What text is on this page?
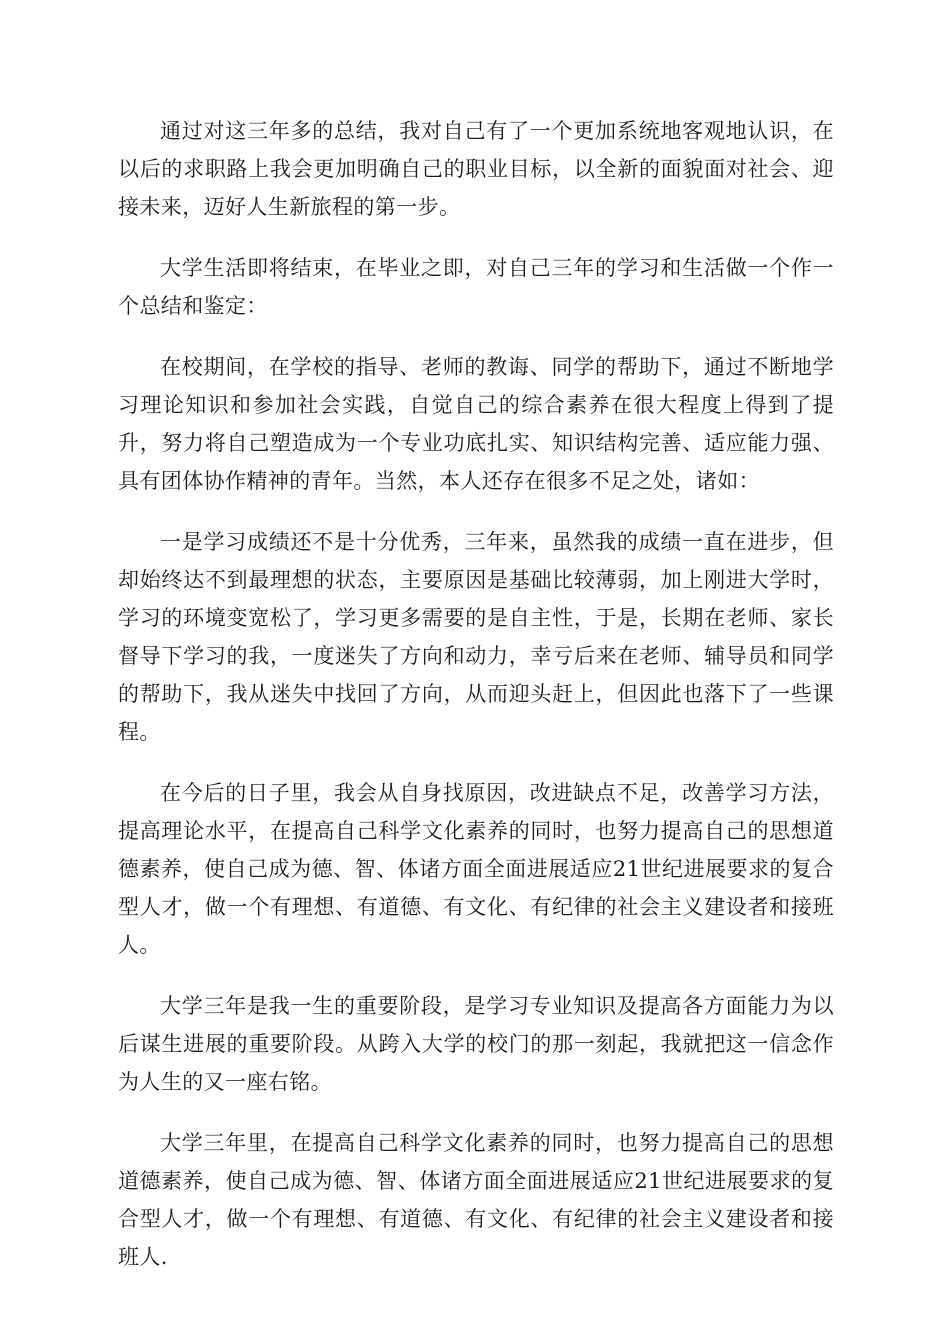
通过对这三年多的总结，我对自己有了一个更加系统地客观地认识，在以后的求职路上我会更加明确自己的职业目标，以全新的面貌面对社会、迎接未来，迈好人生新旅程的第一步。

大学生活即将结束，在毕业之即，对自己三年的学习和生活做一个作一个总结和鉴定：

在校期间，在学校的指导、老师的教诲、同学的帮助下，通过不断地学习理论知识和参加社会实践，自觉自己的综合素养在很大程度上得到了提升，努力将自己塑造成为一个专业功底扎实、知识结构完善、适应能力强、具有团体协作精神的青年。当然，本人还存在很多不足之处，诸如：

一是学习成绩还不是十分优秀，三年来，虽然我的成绩一直在进步，但却始终达不到最理想的状态，主要原因是基础比较薄弱，加上刚进大学时，学习的环境变宽松了，学习更多需要的是自主性，于是，长期在老师、家长督导下学习的我，一度迷失了方向和动力，幸亏后来在老师、辅导员和同学的帮助下，我从迷失中找回了方向，从而迎头赶上，但因此也落下了一些课程。

在今后的日子里，我会从自身找原因，改进缺点不足，改善学习方法，提高理论水平，在提高自己科学文化素养的同时，也努力提高自己的思想道德素养，使自己成为德、智、体诸方面全面进展适应21世纪进展要求的复合型人才，做一个有理想、有道德、有文化、有纪律的社会主义建设者和接班人。

大学三年是我一生的重要阶段，是学习专业知识及提高各方面能力为以后谋生进展的重要阶段。从跨入大学的校门的那一刻起，我就把这一信念作为人生的又一座右铭。

大学三年里，在提高自己科学文化素养的同时，也努力提高自己的思想道德素养，使自己成为德、智、体诸方面全面进展适应21世纪进展要求的复合型人才，做一个有理想、有道德、有文化、有纪律的社会主义建设者和接班人.
